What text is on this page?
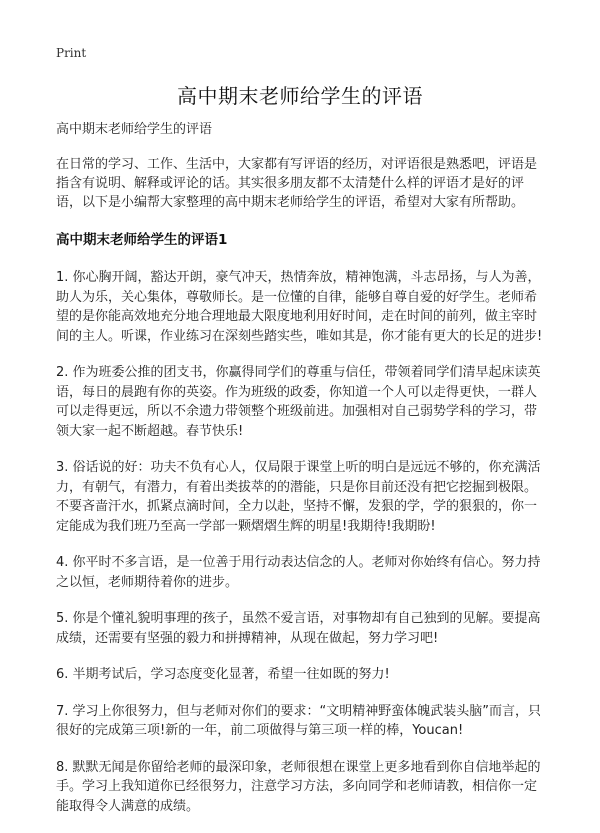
Print
高中期末老师给学生的评语

高中期末老师给学生的评语

在日常的学习、工作、生活中，大家都有写评语的经历，对评语很是熟悉吧，评语是指含有说明、解释或评论的话。其实很多朋友都不太清楚什么样的评语才是好的评语，以下是小编帮大家整理的高中期末老师给学生的评语，希望对大家有所帮助。

高中期末老师给学生的评语1

1. 你心胸开阔，豁达开朗，豪气冲天，热情奔放，精神饱满，斗志昂扬，与人为善，助人为乐，关心集体，尊敬师长。是一位懂的自律，能够自尊自爱的好学生。老师希望的是你能高效地充分地合理地最大限度地利用好时间，走在时间的前列，做主宰时间的主人。听课，作业练习在深刻些踏实些，唯如其是，你才能有更大的长足的进步!

2. 作为班委公推的团支书，你赢得同学们的尊重与信任，带领着同学们清早起床读英语，每日的晨跑有你的英姿。作为班级的政委，你知道一个人可以走得更快，一群人可以走得更远，所以不余遗力带领整个班级前进。加强相对自己弱势学科的学习，带领大家一起不断超越。春节快乐!

3. 俗话说的好：功夫不负有心人，仅局限于课堂上听的明白是远远不够的，你充满活力，有朝气，有潜力，有着出类拔萃的的潜能，只是你目前还没有把它挖掘到极限。不要吝啬汗水，抓紧点滴时间，全力以赴，坚持不懈，发狠的学，学的狠狠的，你一定能成为我们班乃至高一学部一颗熠熠生辉的明星!我期待!我期盼!

4. 你平时不多言语，是一位善于用行动表达信念的人。老师对你始终有信心。努力持之以恒，老师期待着你的进步。

5. 你是个懂礼貌明事理的孩子，虽然不爱言语，对事物却有自己独到的见解。要提高成绩，还需要有坚强的毅力和拼搏精神，从现在做起，努力学习吧!

6. 半期考试后，学习态度变化显著，希望一往如既的努力!

7. 学习上你很努力，但与老师对你们的要求：“文明精神野蛮体魄武装头脑”而言，只很好的完成第三项!新的一年，前二项做得与第三项一样的棒，Youcan!

8. 默默无闻是你留给老师的最深印象，老师很想在课堂上更多地看到你自信地举起的手。学习上我知道你已经很努力，注意学习方法，多向同学和老师请教，相信你一定能取得令人满意的成绩。
